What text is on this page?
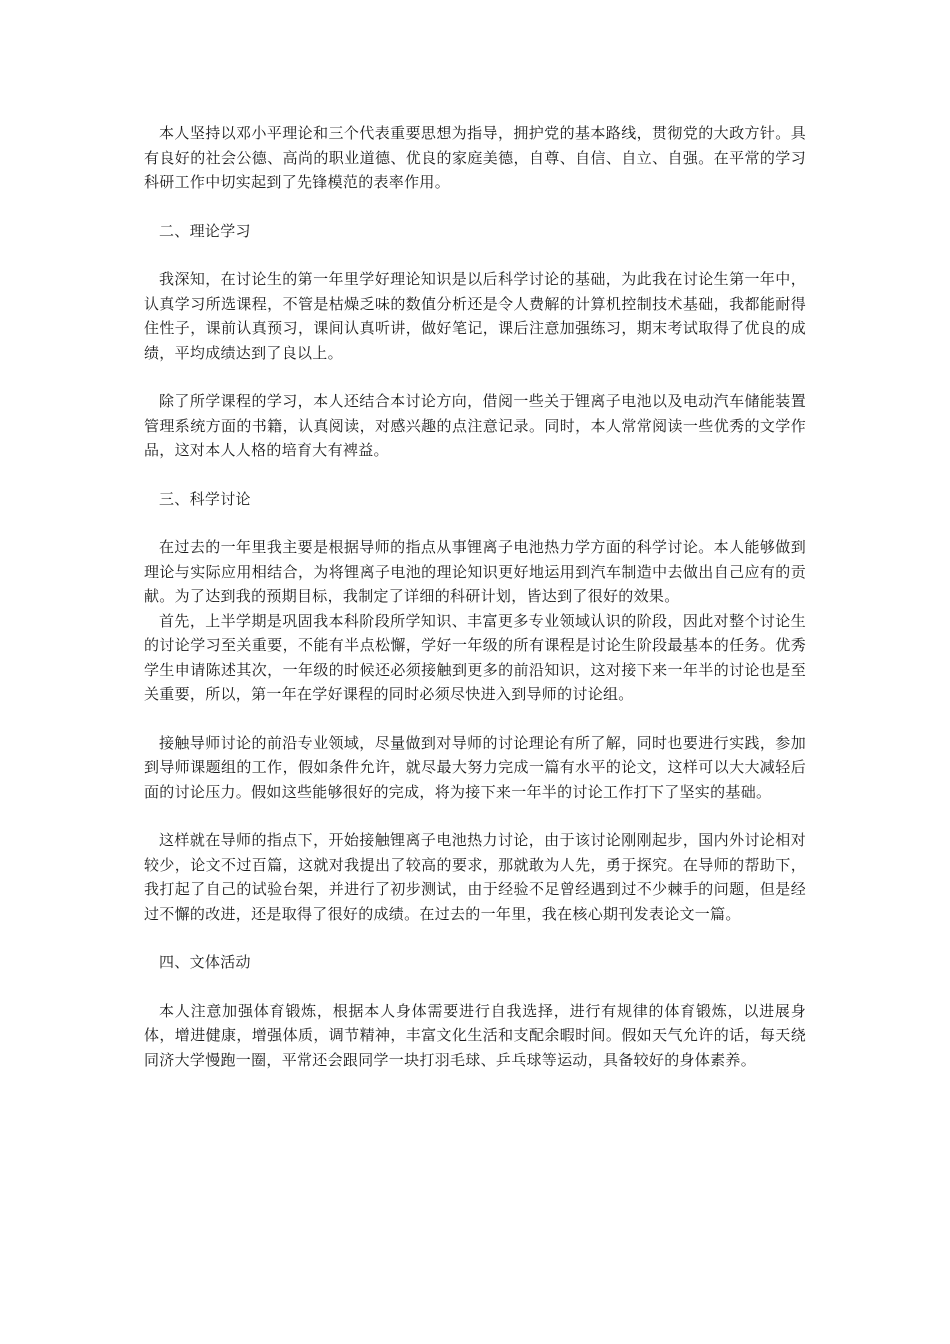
本人坚持以邓小平理论和三个代表重要思想为指导，拥护党的基本路线，贯彻党的大政方针。具有良好的社会公德、高尚的职业道德、优良的家庭美德，自尊、自信、自立、自强。在平常的学习科研工作中切实起到了先锋模范的表率作用。

二、理论学习

我深知，在讨论生的第一年里学好理论知识是以后科学讨论的基础，为此我在讨论生第一年中，认真学习所选课程，不管是枯燥乏味的数值分析还是令人费解的计算机控制技术基础，我都能耐得住性子，课前认真预习，课间认真听讲，做好笔记，课后注意加强练习，期末考试取得了优良的成绩，平均成绩达到了良以上。

除了所学课程的学习，本人还结合本讨论方向，借阅一些关于锂离子电池以及电动汽车储能装置管理系统方面的书籍，认真阅读，对感兴趣的点注意记录。同时，本人常常阅读一些优秀的文学作品，这对本人人格的培育大有裨益。

三、科学讨论

在过去的一年里我主要是根据导师的指点从事锂离子电池热力学方面的科学讨论。本人能够做到理论与实际应用相结合，为将锂离子电池的理论知识更好地运用到汽车制造中去做出自己应有的贡献。为了达到我的预期目标，我制定了详细的科研计划，皆达到了很好的效果。

首先，上半学期是巩固我本科阶段所学知识、丰富更多专业领域认识的阶段，因此对整个讨论生的讨论学习至关重要，不能有半点松懈，学好一年级的所有课程是讨论生阶段最基本的任务。优秀学生申请陈述其次，一年级的时候还必须接触到更多的前沿知识，这对接下来一年半的讨论也是至关重要，所以，第一年在学好课程的同时必须尽快进入到导师的讨论组。

接触导师讨论的前沿专业领域，尽量做到对导师的讨论理论有所了解，同时也要进行实践，参加到导师课题组的工作，假如条件允许，就尽最大努力完成一篇有水平的论文，这样可以大大减轻后面的讨论压力。假如这些能够很好的完成，将为接下来一年半的讨论工作打下了坚实的基础。

这样就在导师的指点下，开始接触锂离子电池热力讨论，由于该讨论刚刚起步，国内外讨论相对较少，论文不过百篇，这就对我提出了较高的要求，那就敢为人先，勇于探究。在导师的帮助下，我打起了自己的试验台架，并进行了初步测试，由于经验不足曾经遇到过不少棘手的问题，但是经过不懈的改进，还是取得了很好的成绩。在过去的一年里，我在核心期刊发表论文一篇。

四、文体活动

本人注意加强体育锻炼，根据本人身体需要进行自我选择，进行有规律的体育锻炼，以进展身体，增进健康，增强体质，调节精神，丰富文化生活和支配余暇时间。假如天气允许的话，每天绕同济大学慢跑一圈，平常还会跟同学一块打羽毛球、乒乓球等运动，具备较好的身体素养。
